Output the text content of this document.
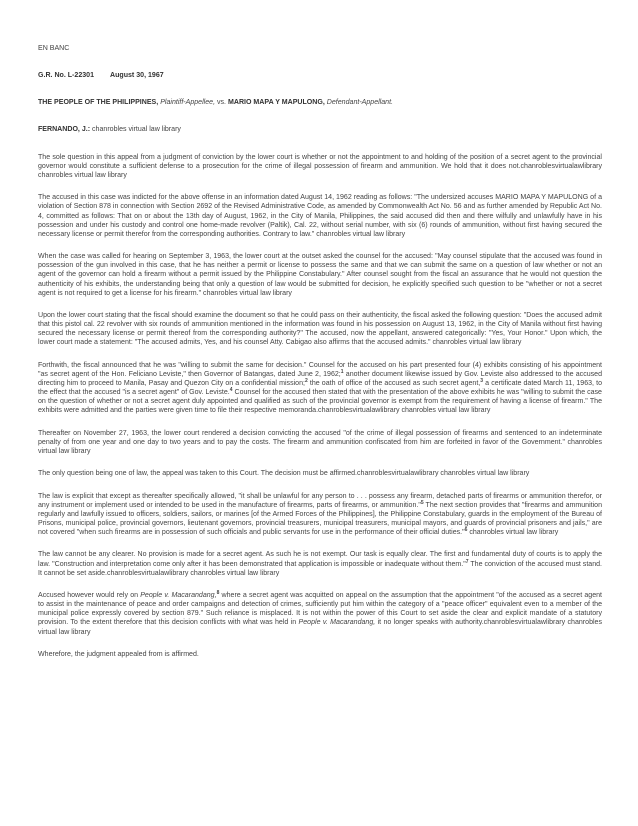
EN BANC

G.R. No. L-22301 August 30, 1967

THE PEOPLE OF THE PHILIPPINES, Plaintiff-Appellee, vs. MARIO MAPA Y MAPULONG, Defendant-Appellant.

FERNANDO, J.: chanrobles virtual law library

The sole question in this appeal from a judgment of conviction by the lower court is whether or not the appointment to and holding of the position of a secret agent to the provincial governor would constitute a sufficient defense to a prosecution for the crime of illegal possession of firearm and ammunition. We hold that it does not.chanroblesvirtualawlibrary chanrobles virtual law library

The accused in this case was indicted for the above offense in an information dated August 14, 1962 reading as follows: "The undersized accuses MARIO MAPA Y MAPULONG of a violation of Section 878 in connection with Section 2692 of the Revised Administrative Code, as amended by Commonwealth Act No. 56 and as further amended by Republic Act No. 4, committed as follows: That on or about the 13th day of August, 1962, in the City of Manila, Philippines, the said accused did then and there wilfully and unlawfully have in his possession and under his custody and control one home-made revolver (Paltik), Cal. 22, without serial number, with six (6) rounds of ammunition, without first having secured the necessary license or permit therefor from the corresponding authorities. Contrary to law." chanrobles virtual law library

When the case was called for hearing on September 3, 1963, the lower court at the outset asked the counsel for the accused: "May counsel stipulate that the accused was found in possession of the gun involved in this case, that he has neither a permit or license to possess the same and that we can submit the same on a question of law whether or not an agent of the governor can hold a firearm without a permit issued by the Philippine Constabulary." After counsel sought from the fiscal an assurance that he would not question the authenticity of his exhibits, the understanding being that only a question of law would be submitted for decision, he explicitly specified such question to be "whether or not a secret agent is not required to get a license for his firearm." chanrobles virtual law library

Upon the lower court stating that the fiscal should examine the document so that he could pass on their authenticity, the fiscal asked the following question: "Does the accused admit that this pistol cal. 22 revolver with six rounds of ammunition mentioned in the information was found in his possession on August 13, 1962, in the City of Manila without first having secured the necessary license or permit thereof from the corresponding authority?" The accused, now the appellant, answered categorically: "Yes, Your Honor." Upon which, the lower court made a statement: "The accused admits, Yes, and his counsel Atty. Cabigao also affirms that the accused admits." chanrobles virtual law library

Forthwith, the fiscal announced that he was "willing to submit the same for decision." Counsel for the accused on his part presented four (4) exhibits consisting of his appointment "as secret agent of the Hon. Feliciano Leviste," then Governor of Batangas, dated June 2, 1962;$^1$ another document likewise issued by Gov. Leviste also addressed to the accused directing him to proceed to Manila, Pasay and Quezon City on a confidential mission;$^2$ the oath of office of the accused as such secret agent,$^3$ a certificate dated March 11, 1963, to the effect that the accused "is a secret agent" of Gov. Leviste.$^4$ Counsel for the accused then stated that with the presentation of the above exhibits he was "willing to submit the case on the question of whether or not a secret agent duly appointed and qualified as such of the provincial governor is exempt from the requirement of having a license of firearm." The exhibits were admitted and the parties were given time to file their respective memoranda.chanroblesvirtualawlibrary chanrobles virtual law library

Thereafter on November 27, 1963, the lower court rendered a decision convicting the accused "of the crime of illegal possession of firearms and sentenced to an indeterminate penalty of from one year and one day to two years and to pay the costs. The firearm and ammunition confiscated from him are forfeited in favor of the Government." chanrobles virtual law library

The only question being one of law, the appeal was taken to this Court. The decision must be affirmed.chanroblesvirtualawlibrary chanrobles virtual law library

The law is explicit that except as thereafter specifically allowed, "it shall be unlawful for any person to . . . possess any firearm, detached parts of firearms or ammunition therefor, or any instrument or implement used or intended to be used in the manufacture of firearms, parts of firearms, or ammunition."$^5$ The next section provides that "firearms and ammunition regularly and lawfully issued to officers, soldiers, sailors, or marines [of the Armed Forces of the Philippines], the Philippine Constabulary, guards in the employment of the Bureau of Prisons, municipal police, provincial governors, lieutenant governors, provincial treasurers, municipal treasurers, municipal mayors, and guards of provincial prisoners and jails," are not covered "when such firearms are in possession of such officials and public servants for use in the performance of their official duties."$^6$ chanrobles virtual law library

The law cannot be any clearer. No provision is made for a secret agent. As such he is not exempt. Our task is equally clear. The first and fundamental duty of courts is to apply the law. "Construction and interpretation come only after it has been demonstrated that application is impossible or inadequate without them."$^7$ The conviction of the accused must stand. It cannot be set aside.chanroblesvirtualawlibrary chanrobles virtual law library

Accused however would rely on People v. Macarandang,$^8$ where a secret agent was acquitted on appeal on the assumption that the appointment "of the accused as a secret agent to assist in the maintenance of peace and order campaigns and detection of crimes, sufficiently put him within the category of a "peace officer" equivalent even to a member of the municipal police expressly covered by section 879." Such reliance is misplaced. It is not within the power of this Court to set aside the clear and explicit mandate of a statutory provision. To the extent therefore that this decision conflicts with what was held in People v. Macarandang, it no longer speaks with authority.chanroblesvirtualawlibrary chanrobles virtual law library

Wherefore, the judgment appealed from is affirmed.
